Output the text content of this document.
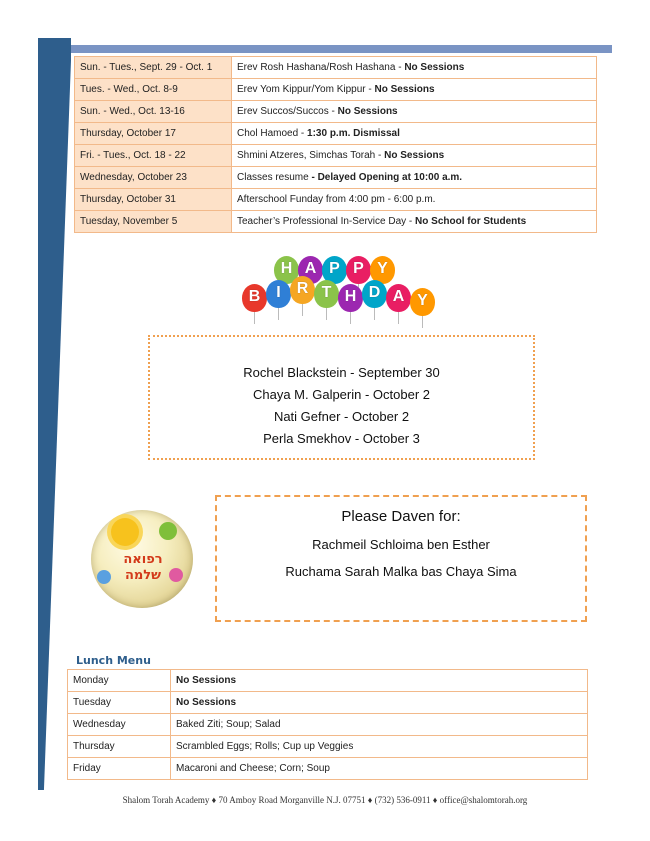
Sun. - Tues., Sept. 29 - Oct. 1	Erev Rosh Hashana/Rosh Hashana - No Sessions
Tues. - Wed., Oct. 8-9	Erev Yom Kippur/Yom Kippur - No Sessions
Sun. - Wed., Oct. 13-16	Erev Succos/Succos - No Sessions
Thursday, October 17	Chol Hamoed - 1:30 p.m. Dismissal
Fri. - Tues., Oct. 18 - 22	Shmini Atzeres, Simchas Torah - No Sessions
Wednesday, October 23	Classes resume - Delayed Opening at 10:00 a.m.
Thursday, October 31	Afterschool Funday from 4:00 pm - 6:00 p.m.
Tuesday, November 5	Teacher’s Professional In-Service Day - No School for Students
H A P P Y
B I	R T H D A Y
Rochel Blackstein - September 30
Chaya M. Galperin - October 2
Nati Gefner - October 2
Perla Smekhov - October 3
רפואה
שלמה
Please Daven for:
Rachmeil Schloima ben Esther
Ruchama Sarah Malka bas Chaya Sima
Lunch Menu
Monday	No Sessions
Tuesday	No Sessions
Wednesday	Baked Ziti; Soup; Salad
Thursday	Scrambled Eggs; Rolls; Cup up Veggies
Friday	Macaroni and Cheese; Corn; Soup
Shalom Torah Academy ♦ 70 Amboy Road Morganville N.J. 07751 ♦ (732) 536-0911 ♦ office@shalomtorah.org
